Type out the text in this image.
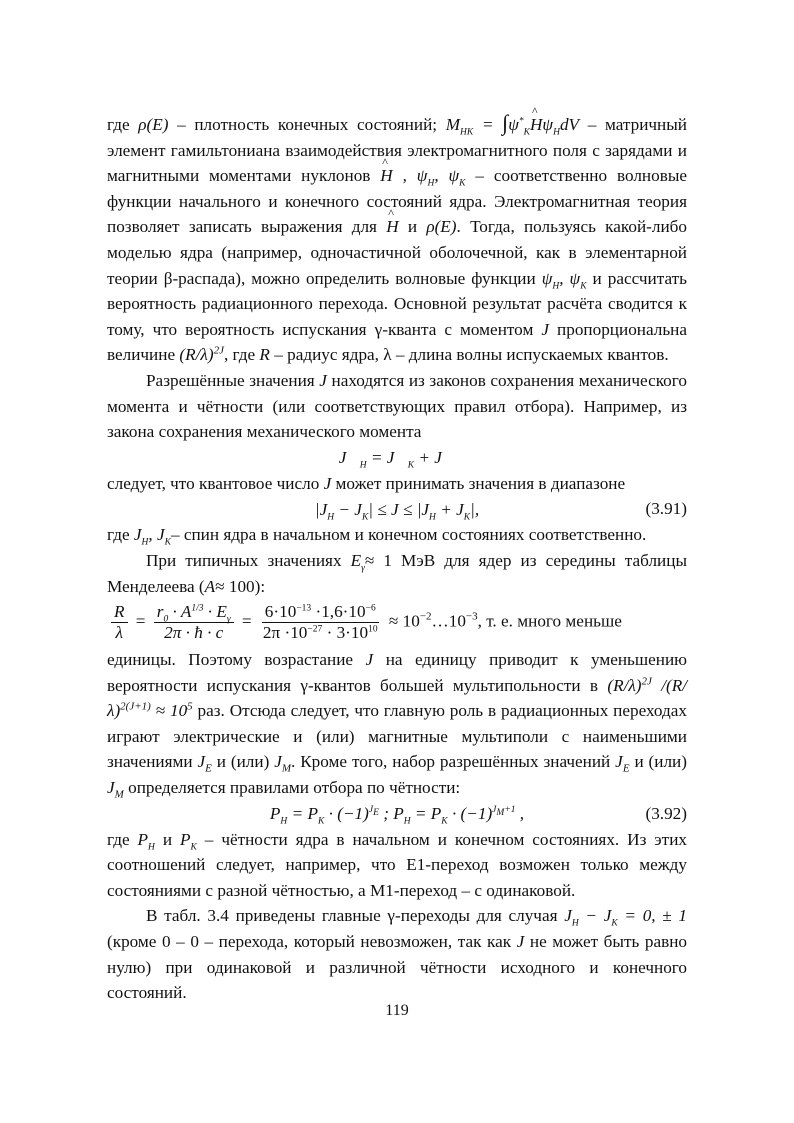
где ρ(E) – плотность конечных состояний; $M_{HK}$ = $\int\psi^*_K\^{}$ $H\psi_HdV$ – матричный элемент гамильтониана взаимодействия электромагнитного поля с зарядами и магнитными моментами нуклонов ^ H , $\psi_H$, $\psi_K$ – соответственно волновые функции начального и конечного состояний ядра. Электромагнитная теория позволяет записать выражения для ^ H и ρ(E). Тогда, пользуясь какой-либо моделью ядра (например, одночастичной оболочечной, как в элементарной теории β-распада), можно определить волновые функции $\psi_H$, $\psi_K$ и рассчитать вероятность радиационного перехода. Основной результат расчёта сводится к тому, что вероятность испускания γ-кванта с моментом J пропорциональна величине $(R/\lambda)^{2J}$, где R – радиус ядра, λ – длина волны испускаемых квантов.

Разрешённые значения J находятся из законов сохранения механического момента и чётности (или соответствующих правил отбора). Например, из закона сохранения механического момента

$J⃗_H$ = $J⃗_K$ + J⃗

следует, что квантовое число J может принимать значения в диапазоне

$|J_H - J_K| \le J \le |J_H + J_K|$,	(3.91)

где $J_H$, $J_K-$ спин ядра в начальном и конечном состояниях соответственно.

При типичных значениях $E_\gamma\approx 1$ МэВ для ядер из середины таблицы Менделеева (A≈ 100):

$\frac{R}{\lambda} = \frac{r_0 \cdot A^{1/3} \cdot E_\gamma}{2\pi \cdot ħ \cdot c} = \frac{6\cdot 10^{-13} \cdot 1,6\cdot 10^{-6}}{2\pi \cdot 10^{-27} \cdot 3\cdot 10^{10}}$ ≈ $10^{-2}\dots 10^{-3}$, т. е. много меньше

единицы. Поэтому возрастание J на единицу приводит к уменьшению вероятности испускания γ-квантов большей мультипольности в $(R/\lambda)^{2J}$ $/(R/\lambda)^{2(J+1)} \approx 10^5$ раз. Отсюда следует, что главную роль в радиационных переходах играют электрические и (или) магнитные мультиполи с наименьшими значениями $J_E$ и (или) $J_M$. Кроме того, набор разрешённых значений $J_E$ и (или) $J_M$ определяется правилами отбора по чётности:

$P_H = P_K \cdot (-1)^{J_E}$ ; $P_H = P_K \cdot (-1)^{J_M+1}$ ,	(3.92)

где $P_H$ и $P_K$ – чётности ядра в начальном и конечном состояниях. Из этих соотношений следует, например, что E1-переход возможен только между состояниями с разной чётностью, а M1-переход – с одинаковой.

В табл. 3.4 приведены главные γ-переходы для случая $J_H - J_K = 0$, ± 1 (кроме 0 – 0 – перехода, который невозможен, так как J не может быть равно нулю) при одинаковой и различной чётности исходного и конечного состояний.

119
